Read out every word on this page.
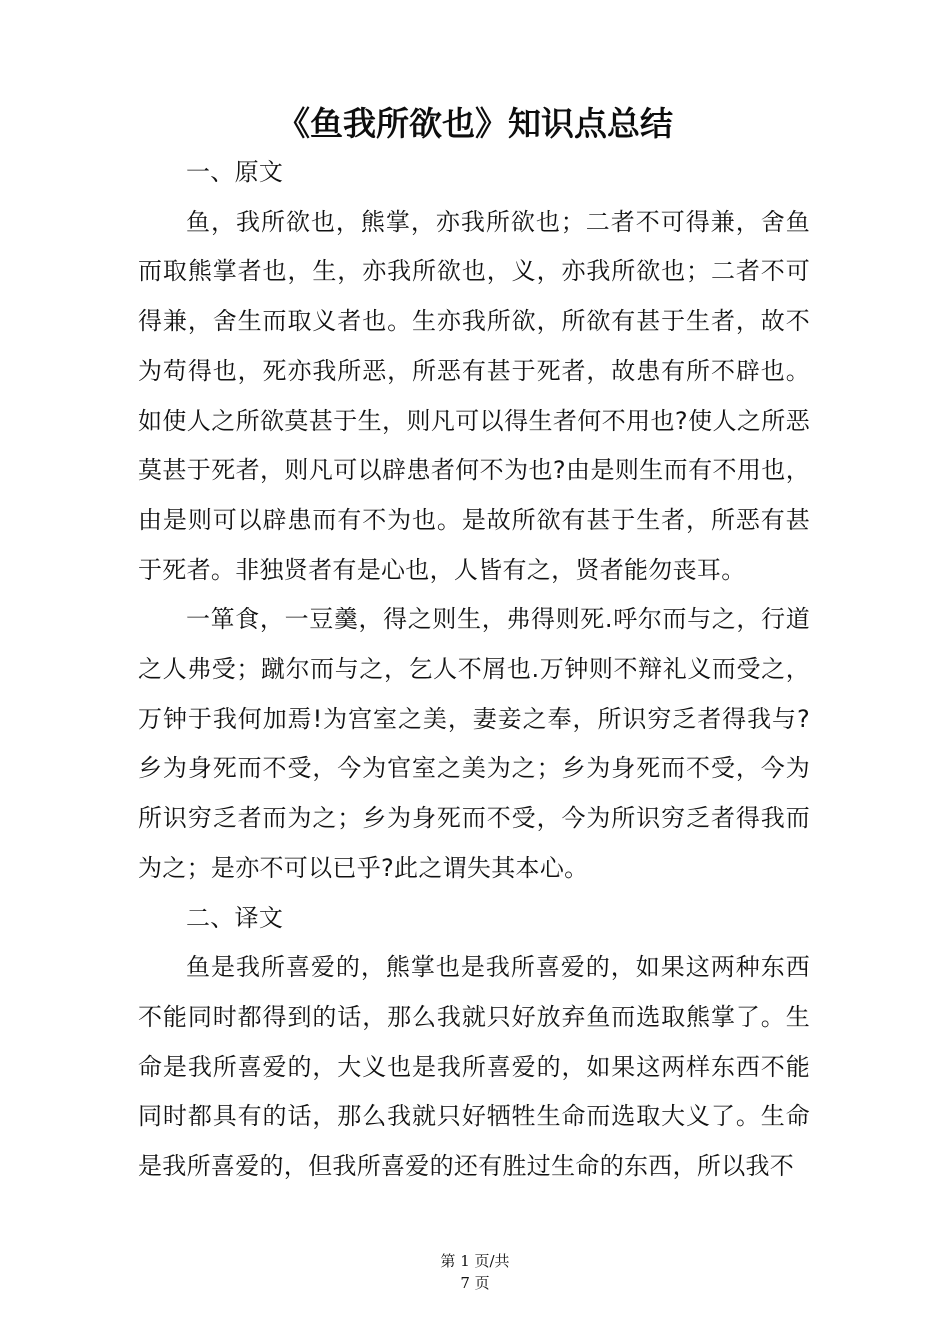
《鱼我所欲也》知识点总结

一、原文

鱼，我所欲也，熊掌，亦我所欲也；二者不可得兼，舍鱼而取熊掌者也，生，亦我所欲也，义，亦我所欲也；二者不可得兼，舍生而取义者也。生亦我所欲，所欲有甚于生者，故不为苟得也，死亦我所恶，所恶有甚于死者，故患有所不辟也。如使人之所欲莫甚于生，则凡可以得生者何不用也?使人之所恶莫甚于死者，则凡可以辟患者何不为也?由是则生而有不用也，由是则可以辟患而有不为也。是故所欲有甚于生者，所恶有甚于死者。非独贤者有是心也，人皆有之，贤者能勿丧耳。

一箪食，一豆羹，得之则生，弗得则死.呼尔而与之，行道之人弗受；蹴尔而与之，乞人不屑也.万钟则不辩礼义而受之，万钟于我何加焉!为宫室之美，妻妾之奉，所识穷乏者得我与?乡为身死而不受，今为官室之美为之；乡为身死而不受，今为所识穷乏者而为之；乡为身死而不受，今为所识穷乏者得我而为之；是亦不可以已乎?此之谓失其本心。

二、译文

鱼是我所喜爱的，熊掌也是我所喜爱的，如果这两种东西不能同时都得到的话，那么我就只好放弃鱼而选取熊掌了。生命是我所喜爱的，大义也是我所喜爱的，如果这两样东西不能同时都具有的话，那么我就只好牺牲生命而选取大义了。生命是我所喜爱的，但我所喜爱的还有胜过生命的东西，所以我不

第 1 页/共
7 页
